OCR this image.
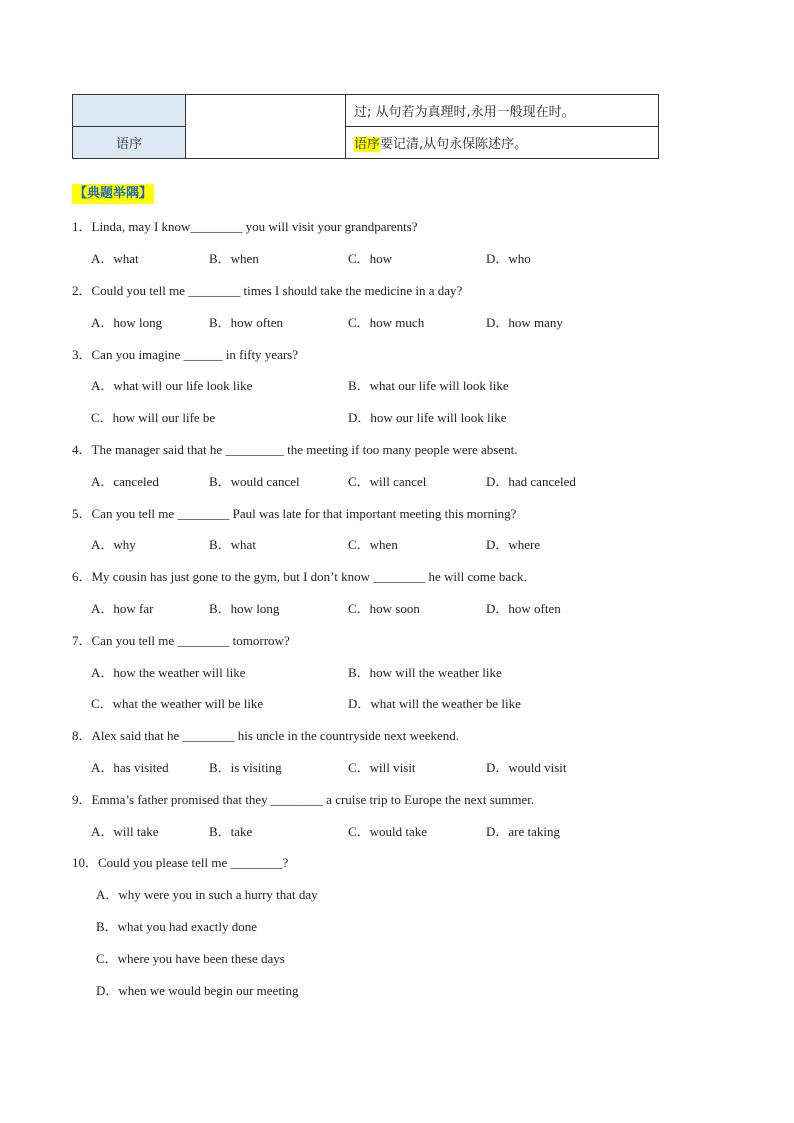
		过; 从句若为真理时,永用一般现在时。
语序		语序要记清,从句永保陈述序。
【典题举隅】
1．Linda, may I know________ you will visit your grandparents?
A．what	B．when	C．how	D．who
2．Could you tell me ________ times I should take the medicine in a day?
A．how long	B．how often	C．how much	D．how many
3．Can you imagine ______ in fifty years?
A．what will our life look like	B．what our life will look like
C．how will our life be	D．how our life will look like
4．The manager said that he _________ the meeting if too many people were absent.
A．canceled	B．would cancel	C．will cancel	D．had canceled
5．Can you tell me ________ Paul was late for that important meeting this morning?
A．why	B．what	C．when	D．where
6．My cousin has just gone to the gym, but I don’t know ________ he will come back.
A．how far	B．how long	C．how soon	D．how often
7．Can you tell me ________ tomorrow?
A．how the weather will like	B．how will the weather like
C．what the weather will be like	D．what will the weather be like
8．Alex said that he ________ his uncle in the countryside next weekend.
A．has visited	B．is visiting	C．will visit	D．would visit
9．Emma’s father promised that they ________ a cruise trip to Europe the next summer.
A．will take	B．take	C．would take	D．are taking
10．Could you please tell me ________?
A．why were you in such a hurry that day
B．what you had exactly done
C．where you have been these days
D．when we would begin our meeting
